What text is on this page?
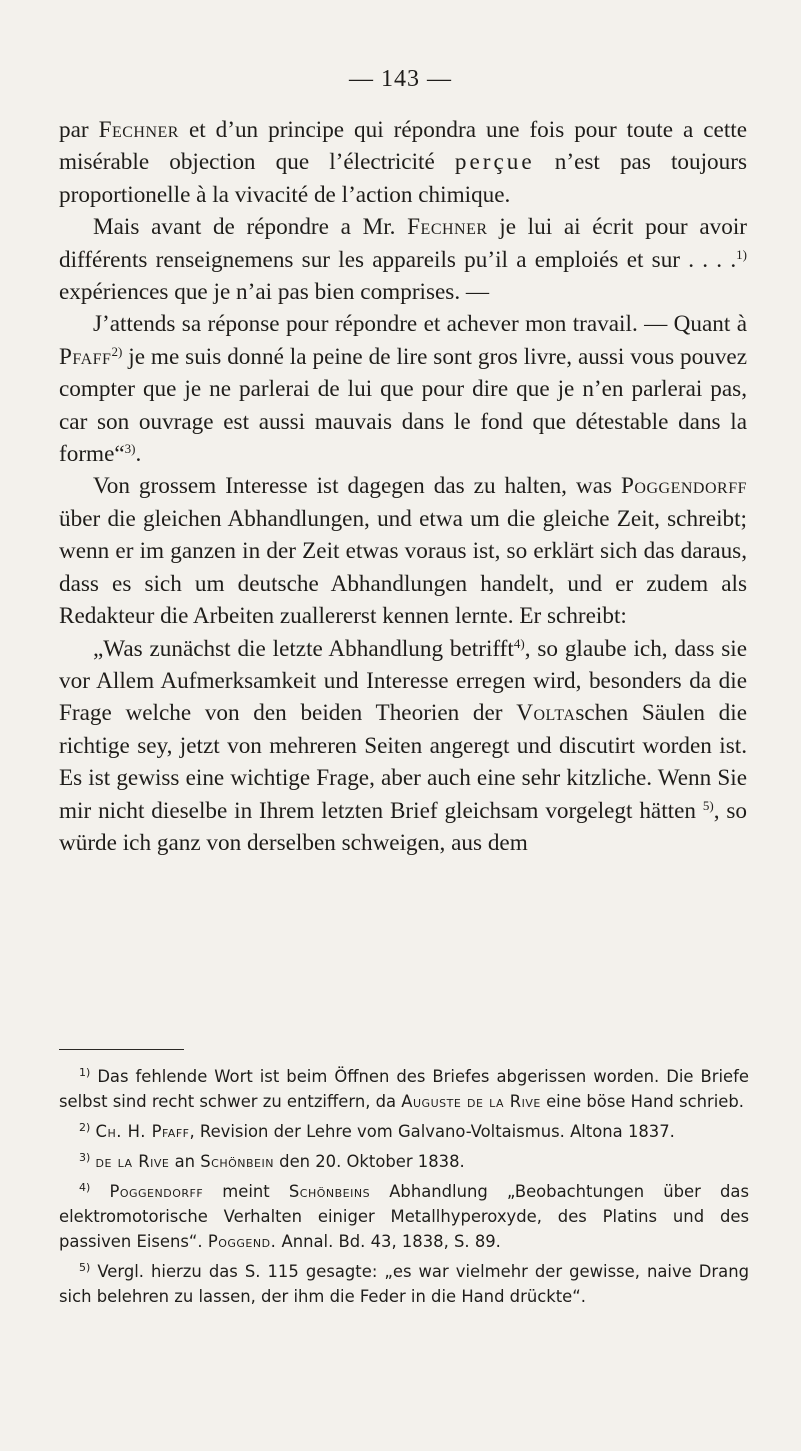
— 143 —

par Fechner et d’un principe qui répondra une fois pour toute a cette misérable objection que l’électricité perçue n’est pas toujours proportionelle à la vivacité de l’action chimique.

Mais avant de répondre a Mr. Fechner je lui ai écrit pour avoir différents renseignemens sur les appareils pu’il a emploiés et sur . . . .$^{1)}$ expériences que je n’ai pas bien comprises. —

J’attends sa réponse pour répondre et achever mon travail. — Quant à Pfaff$^{2)}$ je me suis donné la peine de lire sont gros livre, aussi vous pouvez compter que je ne parlerai de lui que pour dire que je n’en parlerai pas, car son ouvrage est aussi mauvais dans le fond que détestable dans la forme“$^{3)}$.

Von grossem Interesse ist dagegen das zu halten, was Poggendorff über die gleichen Abhandlungen, und etwa um die gleiche Zeit, schreibt; wenn er im ganzen in der Zeit etwas voraus ist, so erklärt sich das daraus, dass es sich um deutsche Abhandlungen handelt, und er zudem als Redakteur die Arbeiten zuallererst kennen lernte. Er schreibt:

„Was zunächst die letzte Abhandlung betrifft$^{4)}$, so glaube ich, dass sie vor Allem Aufmerksamkeit und Interesse erregen wird, besonders da die Frage welche von den beiden Theorien der Voltaschen Säulen die richtige sey, jetzt von mehreren Seiten angeregt und discutirt worden ist. Es ist gewiss eine wichtige Frage, aber auch eine sehr kitzliche. Wenn Sie mir nicht dieselbe in Ihrem letzten Brief gleichsam vorgelegt hätten $^{5)}$, so würde ich ganz von derselben schweigen, aus dem

$^{1)}$ Das fehlende Wort ist beim Öffnen des Briefes abgerissen worden. Die Briefe selbst sind recht schwer zu entziffern, da Auguste de la Rive eine böse Hand schrieb.

$^{2)}$ Ch. H. Pfaff, Revision der Lehre vom Galvano-Voltaismus. Altona 1837.

$^{3)}$ de la Rive an Schönbein den 20. Oktober 1838.

$^{4)}$ Poggendorff meint Schönbeins Abhandlung „Beobachtungen über das elektromotorische Verhalten einiger Metallhyperoxyde, des Platins und des passiven Eisens“. Poggend. Annal. Bd. 43, 1838, S. 89.

$^{5)}$ Vergl. hierzu das S. 115 gesagte: „es war vielmehr der gewisse, naive Drang sich belehren zu lassen, der ihm die Feder in die Hand drückte“.
